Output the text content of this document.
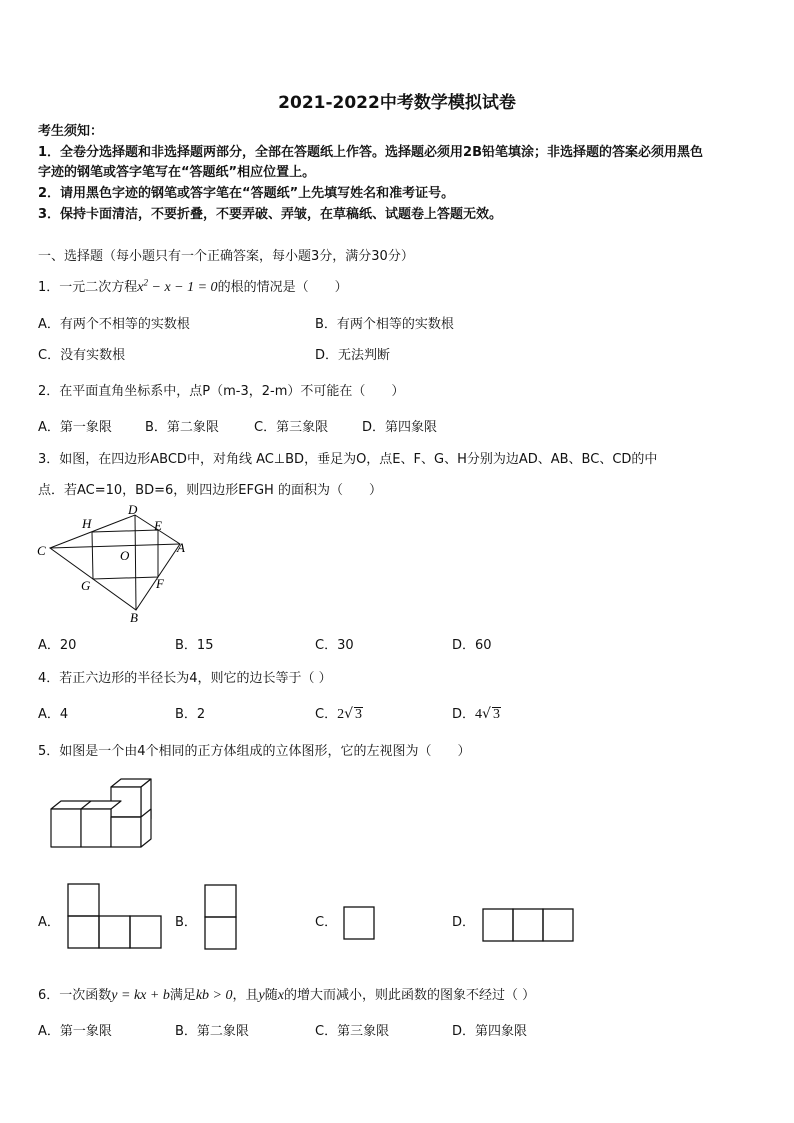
2021-2022中考数学模拟试卷
考生须知：
1．全卷分选择题和非选择题两部分，全部在答题纸上作答。选择题必须用2B铅笔填涂；非选择题的答案必须用黑色
字迹的钢笔或答字笔写在“答题纸”相应位置上。
2．请用黑色字迹的钢笔或答字笔在“答题纸”上先填写姓名和准考证号。
3．保持卡面清洁，不要折叠，不要弄破、弄皱，在草稿纸、试题卷上答题无效。
一、选择题（每小题只有一个正确答案，每小题3分，满分30分）
1．一元二次方程$x^2 - x - 1 = 0$的根的情况是（　　）
A．有两个不相等的实数根	B．有两个相等的实数根
C．没有实数根	D．无法判断
2．在平面直角坐标系中，点P（m-3，2-m）不可能在（　　）
A．第一象限	B．第二象限	C．第三象限	D．第四象限
3．如图，在四边形ABCD中，对角线 AC⊥BD，垂足为O，点E、F、G、H分别为边AD、AB、BC、CD的中
点．若AC=10，BD=6，则四边形EFGH 的面积为（　　）
D
H	E
C	A
O
G	F
B
A．20	B．15	C．30	D．60
4．若正六边形的半径长为4，则它的边长等于（ ）
A．4	B．2	C．2√ 3	D．4√ 3
5．如图是一个由4个相同的正方体组成的立体图形，它的左视图为（　　）
A．	B．	C．	D．
6．一次函数y = kx + b满足kb > 0，且y随x的增大而减小，则此函数的图象不经过（ ）
A．第一象限	B．第二象限	C．第三象限	D．第四象限
